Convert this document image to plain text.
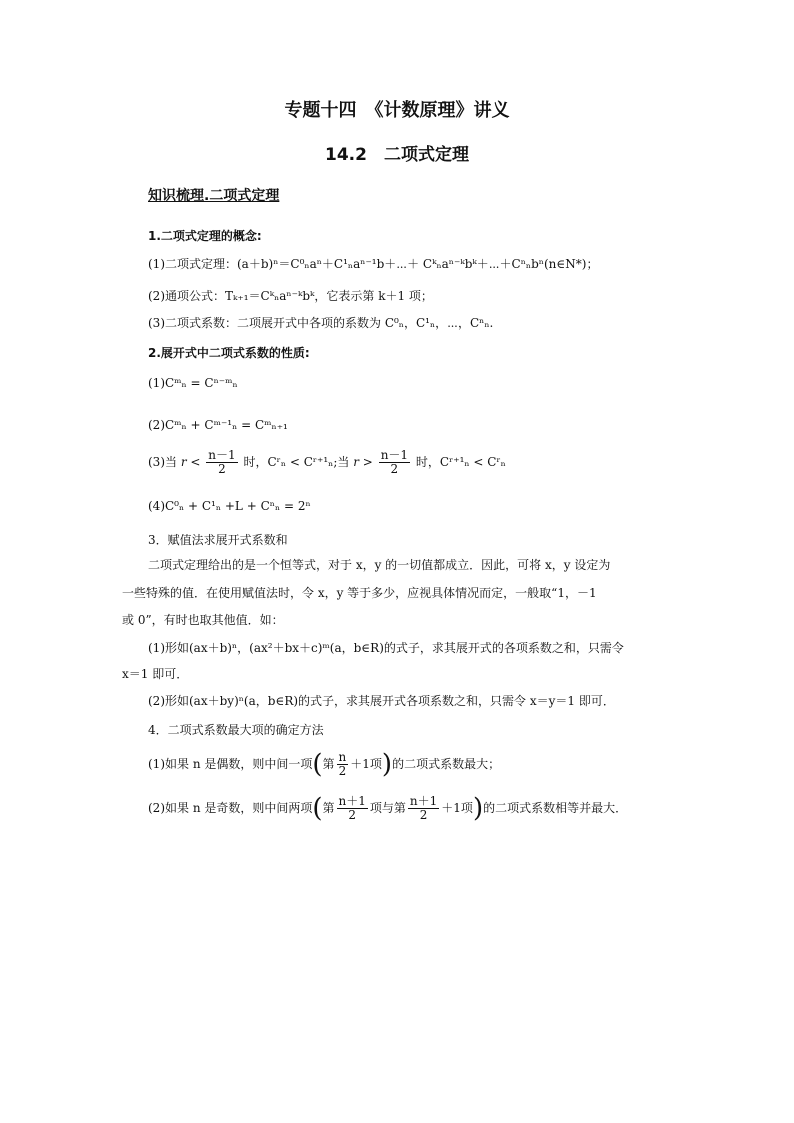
专题十四　《计数原理》讲义
14.2　二项式定理
知识梳理.二项式定理
1.二项式定理的概念:
(1)二项式定理：(a＋b)ⁿ＝C⁰ₙaⁿ＋C¹ₙaⁿ⁻¹b＋⋯＋ Cᵏₙaⁿ⁻ᵏbᵏ＋⋯＋Cⁿₙbⁿ(n∈N*)；
(2)通项公式：Tₖ₊₁＝Cᵏₙaⁿ⁻ᵏbᵏ，它表示第 k＋1 项；
(3)二项式系数：二项展开式中各项的系数为 C⁰ₙ，C¹ₙ，⋯，Cⁿₙ.
2.展开式中二项式系数的性质:
(1)Cᵐₙ = Cⁿ⁻ᵐₙ
(2)Cᵐₙ + Cᵐ⁻¹ₙ = Cᵐₙ₊₁
(3)当 $r < \frac{n-1}{2}$ 时，Cʳₙ < Cʳ⁺¹ₙ;当 $r > \frac{n-1}{2}$ 时，Cʳ⁺¹ₙ < Cʳₙ
(4)C⁰ₙ + C¹ₙ +L + Cⁿₙ = 2ⁿ
3．赋值法求展开式系数和
二项式定理给出的是一个恒等式，对于 x，y 的一切值都成立．因此，可将 x，y 设定为
一些特殊的值．在使用赋值法时，令 x，y 等于多少，应视具体情况而定，一般取“1，－1
或 0”，有时也取其他值．如：
(1)形如(ax＋b)ⁿ，(ax²＋bx＋c)ᵐ(a，b∈R)的式子，求其展开式的各项系数之和，只需令
x＝1 即可．
(2)形如(ax＋by)ⁿ(a，b∈R)的式子，求其展开式各项系数之和，只需令 x＝y＝1 即可．
4．二项式系数最大项的确定方法
(1)如果 n 是偶数，则中间一项(第 $\frac{n}{2} +1$项)的二项式系数最大；
(2)如果 n 是奇数，则中间两项(第 $\frac{n+1}{2}$ 项与第 $\frac{n+1}{2} +1$项)的二项式系数相等并最大．
